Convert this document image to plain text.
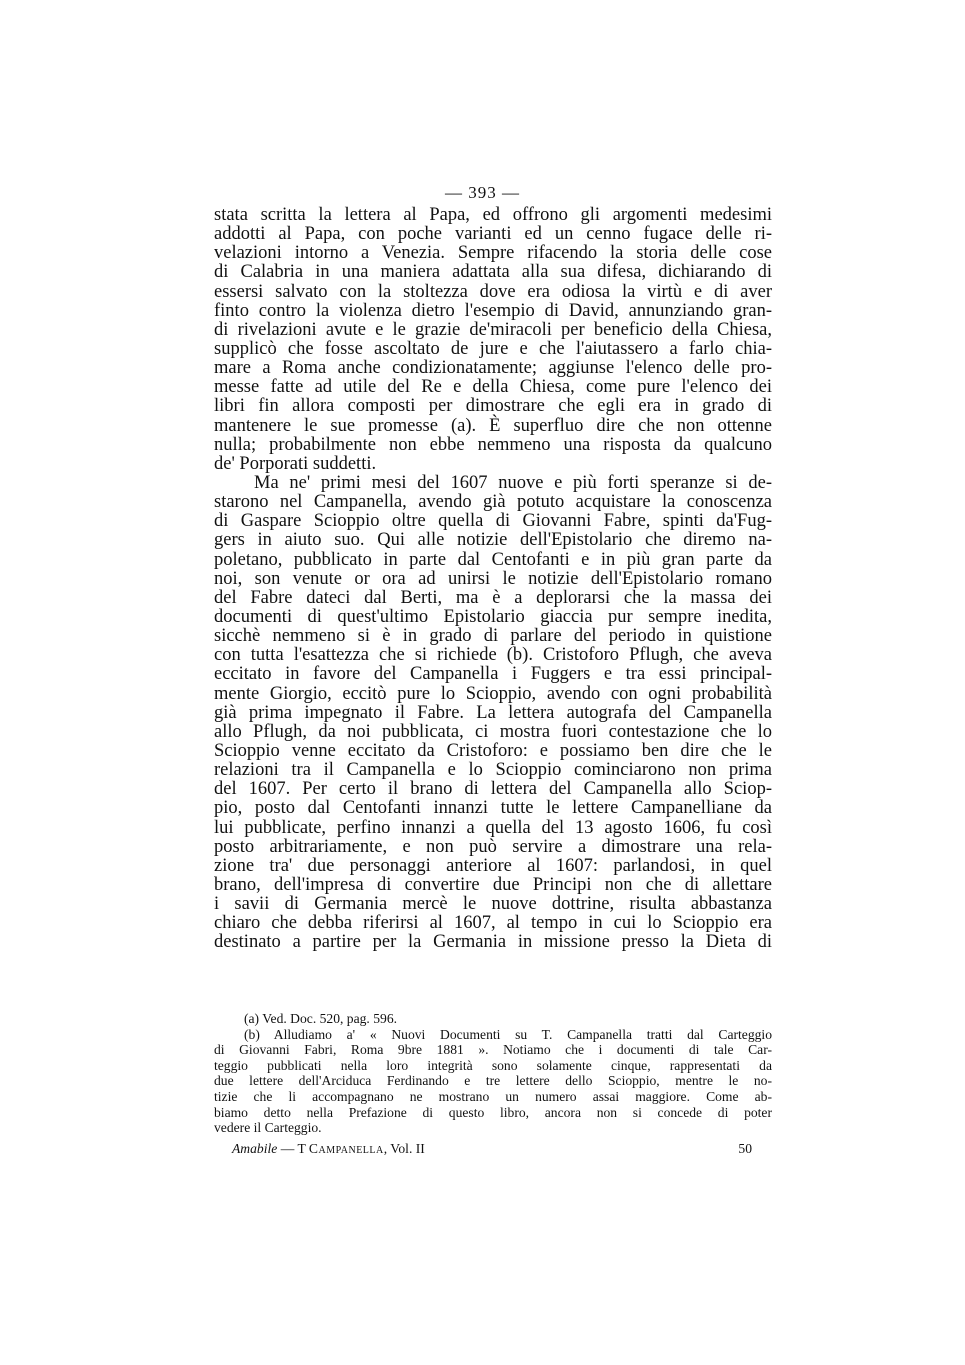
— 393 —
stata scritta la lettera al Papa, ed offrono gli argomenti medesimi
addotti al Papa, con poche varianti ed un cenno fugace delle ri-
velazioni intorno a Venezia. Sempre rifacendo la storia delle cose
di Calabria in una maniera adattata alla sua difesa, dichiarando di
essersi salvato con la stoltezza dove era odiosa la virtù e di aver
finto contro la violenza dietro l'esempio di David, annunziando gran-
di rivelazioni avute e le grazie de'miracoli per beneficio della Chiesa,
supplicò che fosse ascoltato de jure e che l'aiutassero a farlo chia-
mare a Roma anche condizionatamente; aggiunse l'elenco delle pro-
messe fatte ad utile del Re e della Chiesa, come pure l'elenco dei
libri fin allora composti per dimostrare che egli era in grado di
mantenere le sue promesse (a). È superfluo dire che non ottenne
nulla; probabilmente non ebbe nemmeno una risposta da qualcuno
de' Porporati suddetti.
Ma ne' primi mesi del 1607 nuove e più forti speranze si de-
starono nel Campanella, avendo già potuto acquistare la conoscenza
di Gaspare Scioppio oltre quella di Giovanni Fabre, spinti da'Fug-
gers in aiuto suo. Qui alle notizie dell'Epistolario che diremo na-
poletano, pubblicato in parte dal Centofanti e in più gran parte da
noi, son venute or ora ad unirsi le notizie dell'Epistolario romano
del Fabre dateci dal Berti, ma è a deplorarsi che la massa dei
documenti di quest'ultimo Epistolario giaccia pur sempre inedita,
sicchè nemmeno si è in grado di parlare del periodo in quistione
con tutta l'esattezza che si richiede (b). Cristoforo Pflugh, che aveva
eccitato in favore del Campanella i Fuggers e tra essi principal-
mente Giorgio, eccitò pure lo Scioppio, avendo con ogni probabilità
già prima impegnato il Fabre. La lettera autografa del Campanella
allo Pflugh, da noi pubblicata, ci mostra fuori contestazione che lo
Scioppio venne eccitato da Cristoforo: e possiamo ben dire che le
relazioni tra il Campanella e lo Scioppio cominciarono non prima
del 1607. Per certo il brano di lettera del Campanella allo Sciop-
pio, posto dal Centofanti innanzi tutte le lettere Campanelliane da
lui pubblicate, perfino innanzi a quella del 13 agosto 1606, fu così
posto arbitrariamente, e non può servire a dimostrare una rela-
zione tra' due personaggi anteriore al 1607: parlandosi, in quel
brano, dell'impresa di convertire due Principi non che di allettare
i savii di Germania mercè le nuove dottrine, risulta abbastanza
chiaro che debba riferirsi al 1607, al tempo in cui lo Scioppio era
destinato a partire per la Germania in missione presso la Dieta di
(a) Ved. Doc. 520, pag. 596.
(b) Alludiamo a' « Nuovi Documenti su T. Campanella tratti dal Carteggio
di Giovanni Fabri, Roma 9bre 1881 ». Notiamo che i documenti di tale Car-
teggio pubblicati nella loro integrità sono solamente cinque, rappresentati da
due lettere dell'Arciduca Ferdinando e tre lettere dello Scioppio, mentre le no-
tizie che li accompagnano ne mostrano un numero assai maggiore. Come ab-
biamo detto nella Prefazione di questo libro, ancora non si concede di poter
vedere il Carteggio.
Amabile — T Campanella, Vol. II	50
